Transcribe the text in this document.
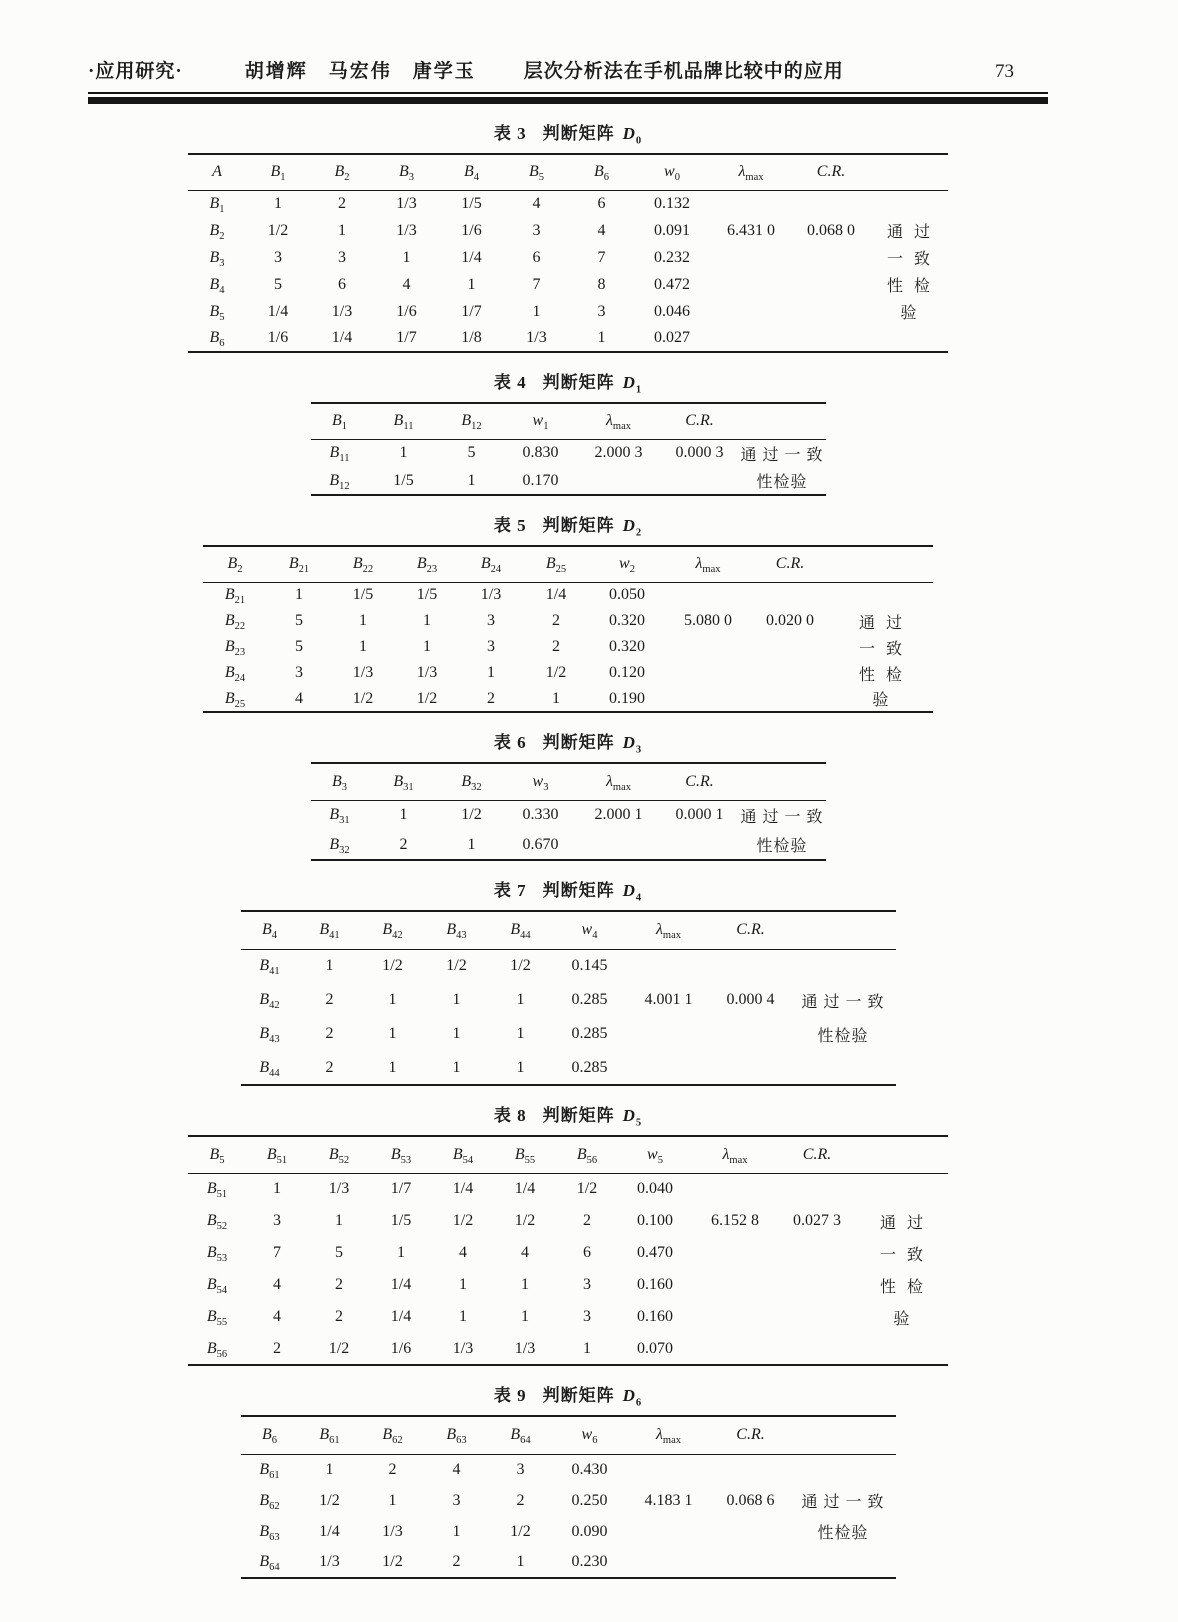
·应用研究·	胡增辉　马宏伟　唐学玉	层次分析法在手机品牌比较中的应用	73
表 3 判断矩阵 $D_0$
A	$B_1$	$B_2$	$B_3$	$B_4$	$B_5$	$B_6$	$w_0$	$\lambda_{max}$	C.R.	
$B_1$	1	2	1/3	1/5	4	6	0.132			
$B_2$	1/2	1	1/3	1/6	3	4	0.091	6.431 0	0.068 0	通  过
$B_3$	3	3	1	1/4	6	7	0.232			一  致
$B_4$	5	6	4	1	7	8	0.472			性  检
$B_5$	1/4	1/3	1/6	1/7	1	3	0.046			验
$B_6$	1/6	1/4	1/7	1/8	1/3	1	0.027			
表 4 判断矩阵 $D_1$
$B_1$	$B_{11}$	$B_{12}$	$w_1$	$\lambda_{max}$	C.R.	
$B_{11}$	1	5	0.830	2.000 3	0.000 3	通 过 一 致
$B_{12}$	1/5	1	0.170			性检验
表 5 判断矩阵 $D_2$
$B_2$	$B_{21}$	$B_{22}$	$B_{23}$	$B_{24}$	$B_{25}$	$w_2$	$\lambda_{max}$	C.R.	
$B_{21}$	1	1/5	1/5	1/3	1/4	0.050			
$B_{22}$	5	1	1	3	2	0.320	5.080 0	0.020 0	通  过
$B_{23}$	5	1	1	3	2	0.320			一  致
$B_{24}$	3	1/3	1/3	1	1/2	0.120			性  检
$B_{25}$	4	1/2	1/2	2	1	0.190			验
表 6 判断矩阵 $D_3$
$B_3$	$B_{31}$	$B_{32}$	$w_3$	$\lambda_{max}$	C.R.	
$B_{31}$	1	1/2	0.330	2.000 1	0.000 1	通 过 一 致
$B_{32}$	2	1	0.670			性检验
表 7 判断矩阵 $D_4$
$B_4$	$B_{41}$	$B_{42}$	$B_{43}$	$B_{44}$	$w_4$	$\lambda_{max}$	C.R.	
$B_{41}$	1	1/2	1/2	1/2	0.145			
$B_{42}$	2	1	1	1	0.285	4.001 1	0.000 4	通 过 一 致
$B_{43}$	2	1	1	1	0.285			性检验
$B_{44}$	2	1	1	1	0.285			
表 8 判断矩阵 $D_5$
$B_5$	$B_{51}$	$B_{52}$	$B_{53}$	$B_{54}$	$B_{55}$	$B_{56}$	$w_5$	$\lambda_{max}$	C.R.	
$B_{51}$	1	1/3	1/7	1/4	1/4	1/2	0.040			
$B_{52}$	3	1	1/5	1/2	1/2	2	0.100	6.152 8	0.027 3	通  过
$B_{53}$	7	5	1	4	4	6	0.470			一  致
$B_{54}$	4	2	1/4	1	1	3	0.160			性  检
$B_{55}$	4	2	1/4	1	1	3	0.160			验
$B_{56}$	2	1/2	1/6	1/3	1/3	1	0.070			
表 9 判断矩阵 $D_6$
$B_6$	$B_{61}$	$B_{62}$	$B_{63}$	$B_{64}$	$w_6$	$\lambda_{max}$	C.R.	
$B_{61}$	1	2	4	3	0.430			
$B_{62}$	1/2	1	3	2	0.250	4.183 1	0.068 6	通 过 一 致
$B_{63}$	1/4	1/3	1	1/2	0.090			性检验
$B_{64}$	1/3	1/2	2	1	0.230			
